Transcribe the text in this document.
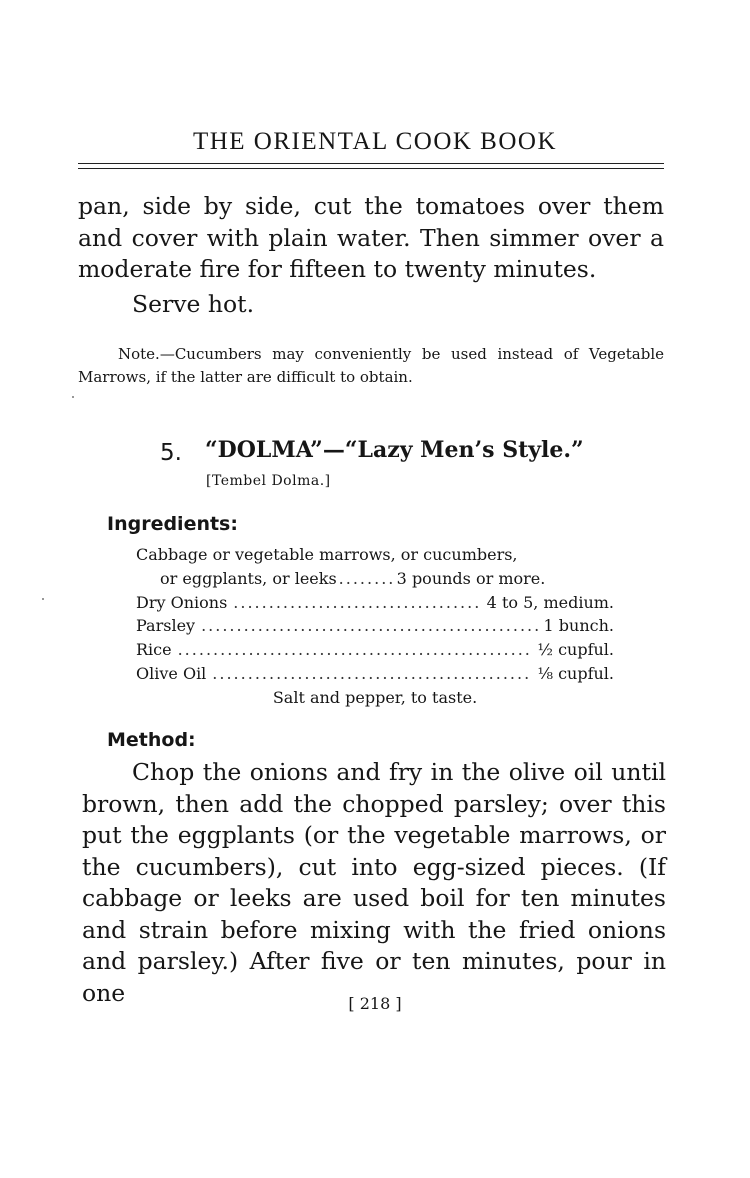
THE ORIENTAL COOK BOOK

pan, side by side, cut the tomatoes over them and cover with plain water. Then simmer over a moderate fire for fifteen to twenty minutes.

Serve hot.

Note.—Cucumbers may conveniently be used instead of Vegetable Marrows, if the latter are difficult to obtain.

5. “DOLMA”—“Lazy Men’s Style.”
[Tembel Dolma.]
Ingredients:
Cabbage or vegetable marrows, or cucumbers,
or eggplants, or leeks .....	3 pounds or more.
Dry Onions .....	4 to 5, medium.
Parsley .....	1 bunch.
Rice .....	½ cupful.
Olive Oil .....	⅛ cupful.

Salt and pepper, to taste.

Method:

Chop the onions and fry in the olive oil until brown, then add the chopped parsley; over this put the eggplants (or the vegetable marrows, or the cucumbers), cut into egg-sized pieces. (If cabbage or leeks are used boil for ten minutes and strain before mixing with the fried onions and parsley.) After five or ten minutes, pour in one	[ 218 ]
